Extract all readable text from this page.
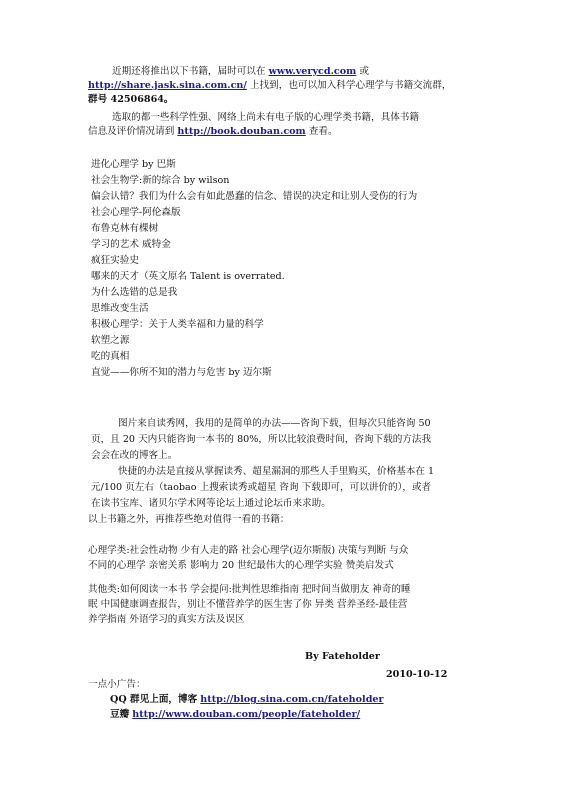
近期还将推出以下书籍，届时可以在 www.verycd.com 或
http://share.jask.sina.com.cn/ 上找到，也可以加入科学心理学与书籍交流群，
群号 42506864。
选取的都一些科学性强、网络上尚未有电子版的心理学类书籍，具体书籍
信息及评价情况请到 http://book.douban.com 查看。
进化心理学 by 巴斯
社会生物学:新的综合 by wilson
偏会认错？我们为什么会有如此愚蠢的信念、错误的决定和让别人受伤的行为
社会心理学-阿伦森版
布鲁克林有棵树
学习的艺术 威特金
疯狂实验史
哪来的天才（英文原名 Talent is overrated.
为什么选错的总是我
思维改变生活
积极心理学：关于人类幸福和力量的科学
软塑之源
吃的真相
直觉——你所不知的潜力与危害 by 迈尔斯
图片来自读秀网，我用的是简单的办法——咨询下载，但每次只能咨询 50
页，且 20 天内只能咨询一本书的 80%，所以比较浪费时间，咨询下载的方法我
会会在改的博客上。
快捷的办法是直接从掌握读秀、超星漏洞的那些人手里购买，价格基本在 1
元/100 页左右（taobao 上搜索读秀或超星 咨询 下载即可，可以讲价的），或者
在读书宝库、诸贝尔学术网等论坛上通过论坛币来求助。
以上书籍之外，再推荐些绝对值得一看的书籍：
心理学类:社会性动物 少有人走的路 社会心理学(迈尔斯版) 决策与判断 与众
不同的心理学 亲密关系 影响力 20 世纪最伟大的心理学实验 赞美启发式
其他类:如何阅读一本书 学会提问:批判性思维指南 把时间当做朋友 神奇的睡
眠 中国健康调查报告，别让不懂营养学的医生害了你 异类 营养圣经-最佳营
养学指南 外语学习的真实方法及误区
By Fateholder
2010-10-12
一点小广告：
QQ 群见上面，博客 http://blog.sina.com.cn/fateholder
豆瓣 http://www.douban.com/people/fateholder/
